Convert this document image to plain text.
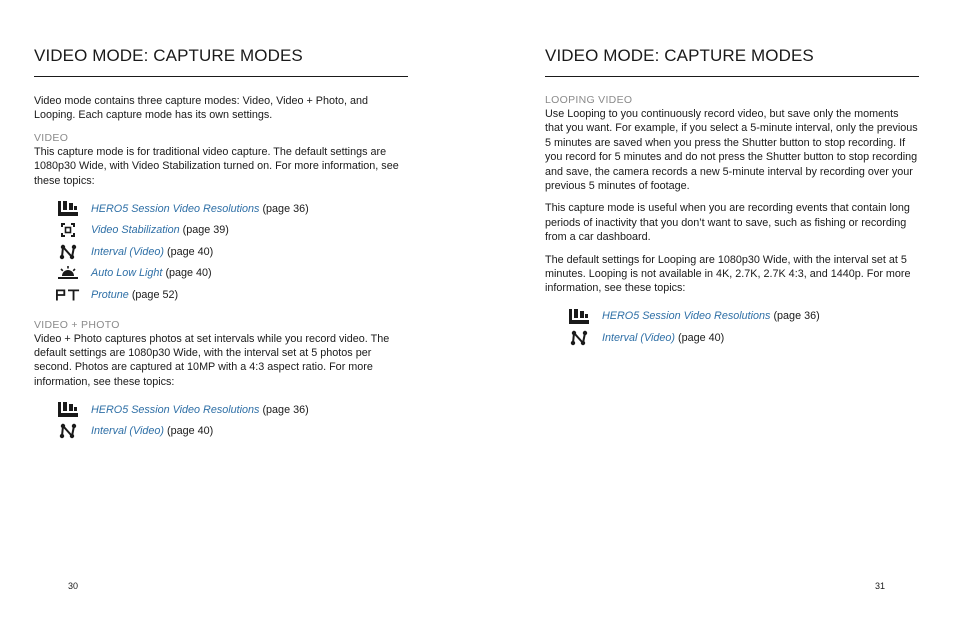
VIDEO MODE: CAPTURE MODES

Video mode contains three capture modes: Video, Video + Photo, and Looping. Each capture mode has its own settings.

VIDEO

This capture mode is for traditional video capture. The default settings are 1080p30 Wide, with Video Stabilization turned on. For more information, see these topics:

HERO5 Session Video Resolutions (page 36)
Video Stabilization (page 39)
Interval (Video) (page 40)
Auto Low Light (page 40)
Protune (page 52)

VIDEO + PHOTO

Video + Photo captures photos at set intervals while you record video. The default settings are 1080p30 Wide, with the interval set at 5 photos per second. Photos are captured at 10MP with a 4:3 aspect ratio. For more information, see these topics:

HERO5 Session Video Resolutions (page 36)
Interval (Video) (page 40)
30
VIDEO MODE: CAPTURE MODES

LOOPING VIDEO

Use Looping to you continuously record video, but save only the moments that you want. For example, if you select a 5-minute interval, only the previous 5 minutes are saved when you press the Shutter button to stop recording. If you record for 5 minutes and do not press the Shutter button to stop recording and save, the camera records a new 5-minute interval by recording over your previous 5 minutes of footage.

This capture mode is useful when you are recording events that contain long periods of inactivity that you don’t want to save, such as fishing or recording from a car dashboard.

The default settings for Looping are 1080p30 Wide, with the interval set at 5 minutes. Looping is not available in 4K, 2.7K, 2.7K 4:3, and 1440p. For more information, see these topics:

HERO5 Session Video Resolutions (page 36)
Interval (Video) (page 40)
31
